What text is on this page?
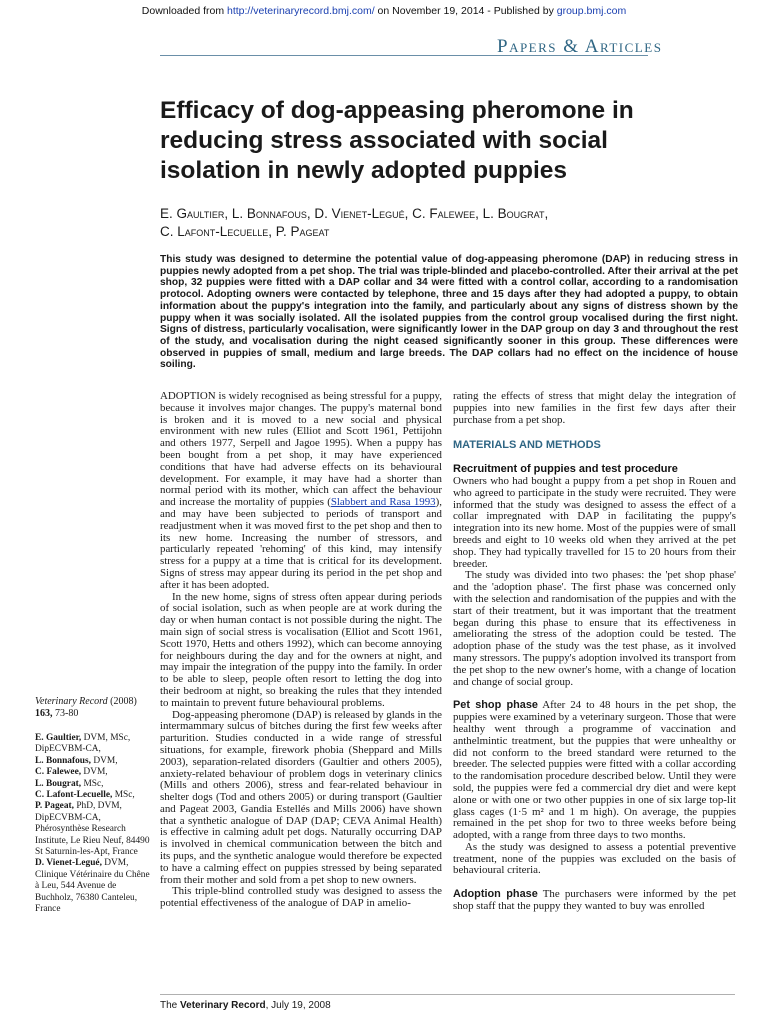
Downloaded from http://veterinaryrecord.bmj.com/ on November 19, 2014 - Published by group.bmj.com
Papers & Articles
Efficacy of dog-appeasing pheromone in reducing stress associated with social isolation in newly adopted puppies
E. Gaultier, L. Bonnafous, D. Vienet-Legué, C. Falewee, L. Bougrat,
C. Lafont-Lecuelle, P. Pageat
This study was designed to determine the potential value of dog-appeasing pheromone (DAP) in reducing stress in puppies newly adopted from a pet shop. The trial was triple-blinded and placebo-controlled. After their arrival at the pet shop, 32 puppies were fitted with a DAP collar and 34 were fitted with a control collar, according to a randomisation protocol. Adopting owners were contacted by telephone, three and 15 days after they had adopted a puppy, to obtain information about the puppy's integration into the family, and particularly about any signs of distress shown by the puppy when it was socially isolated. All the isolated puppies from the control group vocalised during the first night. Signs of distress, particularly vocalisation, were significantly lower in the DAP group on day 3 and throughout the rest of the study, and vocalisation during the night ceased significantly sooner in this group. These differences were observed in puppies of small, medium and large breeds. The DAP collars had no effect on the incidence of house soiling.

ADOPTION is widely recognised as being stressful for a puppy, because it involves major changes. The puppy's maternal bond is broken and it is moved to a new social and physical environment with new rules (Elliot and Scott 1961, Pettijohn and others 1977, Serpell and Jagoe 1995). When a puppy has been bought from a pet shop, it may have experienced conditions that have had adverse effects on its behavioural development. For example, it may have had a shorter than normal period with its mother, which can affect the behaviour and increase the mortality of puppies (Slabbert and Rasa 1993), and may have been subjected to periods of transport and readjustment when it was moved first to the pet shop and then to its new home. Increasing the number of stressors, and particularly repeated 'rehoming' of this kind, may intensify stress for a puppy at a time that is critical for its development. Signs of stress may appear during its period in the pet shop and after it has been adopted.

In the new home, signs of stress often appear during periods of social isolation, such as when people are at work during the day or when human contact is not possible during the night. The main sign of social stress is vocalisation (Elliot and Scott 1961, Scott 1970, Hetts and others 1992), which can become annoying for neighbours during the day and for the owners at night, and may impair the integration of the puppy into the family. In order to be able to sleep, people often resort to letting the dog into their bedroom at night, so breaking the rules that they intended to maintain to prevent future behavioural problems.

Dog-appeasing pheromone (DAP) is released by glands in the intermammary sulcus of bitches during the first few weeks after parturition. Studies conducted in a wide range of stressful situations, for example, firework phobia (Sheppard and Mills 2003), separation-related disorders (Gaultier and others 2005), anxiety-related behaviour of problem dogs in veterinary clinics (Mills and others 2006), stress and fear-related behaviour in shelter dogs (Tod and others 2005) or during transport (Gaultier and Pageat 2003, Gandia Estellés and Mills 2006) have shown that a synthetic analogue of DAP (DAP; CEVA Animal Health) is effective in calming adult pet dogs. Naturally occurring DAP is involved in chemical communication between the bitch and its pups, and the synthetic analogue would therefore be expected to have a calming effect on puppies stressed by being separated from their mother and sold from a pet shop to new owners.

This triple-blind controlled study was designed to assess the potential effectiveness of the analogue of DAP in amelio-

rating the effects of stress that might delay the integration of puppies into new families in the first few days after their purchase from a pet shop.

MATERIALS AND METHODS
Recruitment of puppies and test procedure

Owners who had bought a puppy from a pet shop in Rouen and who agreed to participate in the study were recruited. They were informed that the study was designed to assess the effect of a collar impregnated with DAP in facilitating the puppy's integration into its new home. Most of the puppies were of small breeds and eight to 10 weeks old when they arrived at the pet shop. They had typically travelled for 15 to 20 hours from their breeder.

The study was divided into two phases: the 'pet shop phase' and the 'adoption phase'. The first phase was concerned only with the selection and randomisation of the puppies and with the start of their treatment, but it was important that the treatment began during this phase to ensure that its effectiveness in ameliorating the stress of the adoption could be tested. The adoption phase of the study was the test phase, as it involved many stressors. The puppy's adoption involved its transport from the pet shop to the new owner's home, with a change of location and change of social group.

Pet shop phase After 24 to 48 hours in the pet shop, the puppies were examined by a veterinary surgeon. Those that were healthy went through a programme of vaccination and anthelmintic treatment, but the puppies that were unhealthy or did not conform to the breed standard were returned to the breeder. The selected puppies were fitted with a collar according to the randomisation procedure described below. Until they were sold, the puppies were fed a commercial dry diet and were kept alone or with one or two other puppies in one of six large top-lit glass cages (1·5 m² and 1 m high). On average, the puppies remained in the pet shop for two to three weeks before being adopted, with a range from three days to two months.

As the study was designed to assess a potential preventive treatment, none of the puppies was excluded on the basis of behavioural criteria.

Adoption phase The purchasers were informed by the pet shop staff that the puppy they wanted to buy was enrolled

Veterinary Record (2008)
163, 73-80
E. Gaultier, DVM, MSc, DipECVBM-CA,
L. Bonnafous, DVM,
C. Falewee, DVM,
L. Bougrat, MSc,
C. Lafont-Lecuelle, MSc,
P. Pageat, PhD, DVM, DipECVBM-CA,
Phérosynthèse Research Institute, Le Rieu Neuf, 84490 St Saturnin-les-Apt, France
D. Vienet-Legué, DVM, Clinique Vétérinaire du Chêne à Leu, 544 Avenue de Buchholz, 76380 Canteleu, France
The Veterinary Record, July 19, 2008
